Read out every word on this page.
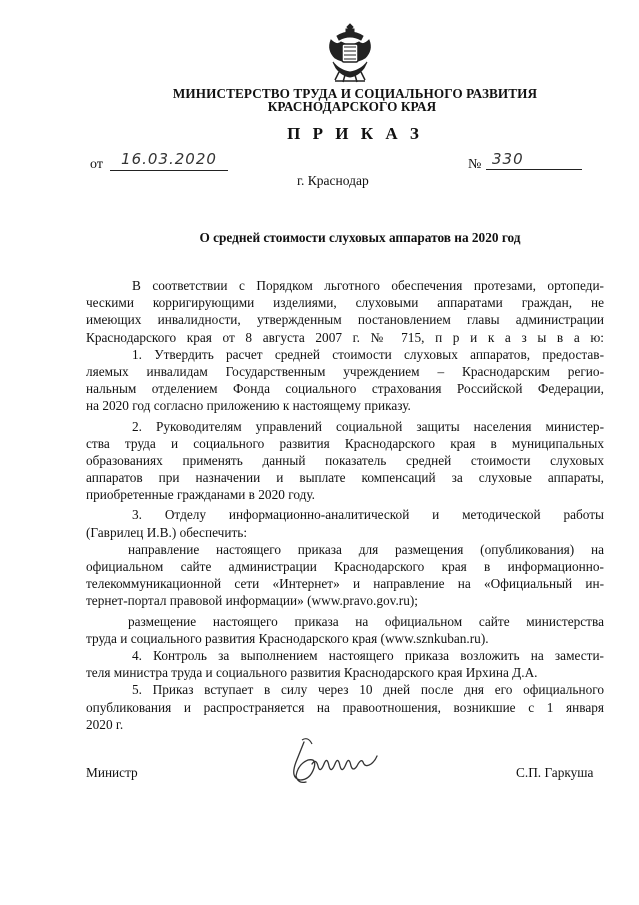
МИНИСТЕРСТВО ТРУДА И СОЦИАЛЬНОГО РАЗВИТИЯ
КРАСНОДАРСКОГО КРАЯ
П Р И К А З
от	16.03.2020	№ 330
г. Краснодар
О средней стоимости слуховых аппаратов на 2020 год
В соответствии с Порядком льготного обеспечения протезами, ортопеди-
ческими корригирующими изделиями, слуховыми аппаратами граждан, не
имеющих инвалидности, утвержденным постановлением главы администрации
Краснодарского края от 8 августа 2007 г. № 715, п р и к а з ы в а ю:
1. Утвердить расчет средней стоимости слуховых аппаратов, предостав-
ляемых инвалидам Государственным учреждением – Краснодарским регио-
нальным отделением Фонда социального страхования Российской Федерации,
на 2020 год согласно приложению к настоящему приказу.
2. Руководителям управлений социальной защиты населения министер-
ства труда и социального развития Краснодарского края в муниципальных
образованиях применять данный показатель средней стоимости слуховых
аппаратов при назначении и выплате компенсаций за слуховые аппараты,
приобретенные гражданами в 2020 году.
3. Отделу информационно-аналитической и методической работы
(Гаврилец И.В.) обеспечить:
направление настоящего приказа для размещения (опубликования) на
официальном сайте администрации Краснодарского края в информационно-
телекоммуникационной сети «Интернет» и направление на «Официальный ин-
тернет-портал правовой информации» (www.pravo.gov.ru);
размещение настоящего приказа на официальном сайте министерства
труда и социального развития Краснодарского края (www.sznkuban.ru).
4. Контроль за выполнением настоящего приказа возложить на замести-
теля министра труда и социального развития Краснодарского края Ирхина Д.А.
5. Приказ вступает в силу через 10 дней после дня его официального
опубликования и распространяется на правоотношения, возникшие с 1 января
2020 г.
Министр	С.П. Гаркуша
